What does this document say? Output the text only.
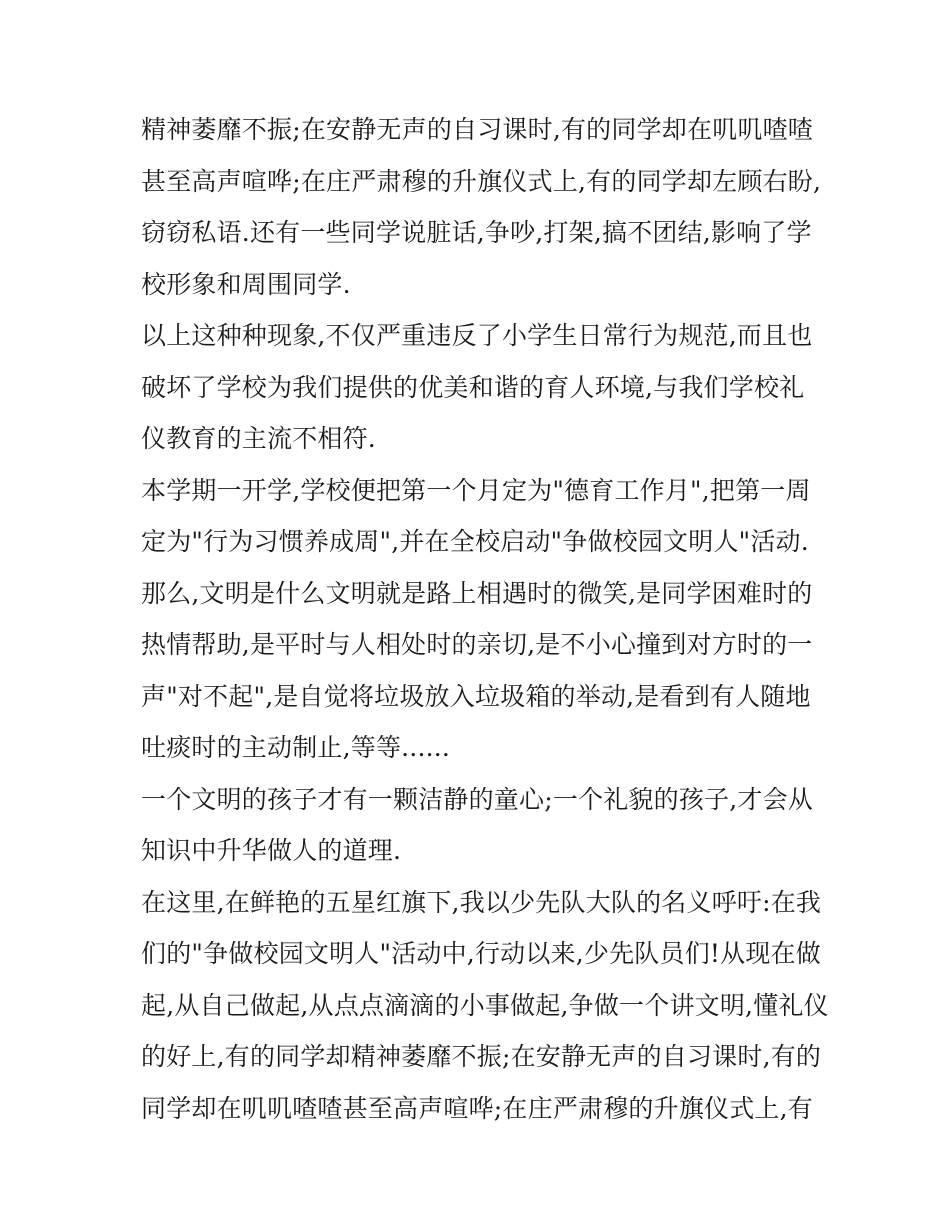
精神萎靡不振;在安静无声的自习课时,有的同学却在叽叽喳喳
甚至高声喧哗;在庄严肃穆的升旗仪式上,有的同学却左顾右盼,
窃窃私语.还有一些同学说脏话,争吵,打架,搞不团结,影响了学
校形象和周围同学.
以上这种种现象,不仅严重违反了小学生日常行为规范,而且也
破坏了学校为我们提供的优美和谐的育人环境,与我们学校礼
仪教育的主流不相符.
本学期一开学,学校便把第一个月定为"德育工作月",把第一周
定为"行为习惯养成周",并在全校启动"争做校园文明人"活动.
那么,文明是什么文明就是路上相遇时的微笑,是同学困难时的
热情帮助,是平时与人相处时的亲切,是不小心撞到对方时的一
声"对不起",是自觉将垃圾放入垃圾箱的举动,是看到有人随地
吐痰时的主动制止,等等......
一个文明的孩子才有一颗洁静的童心;一个礼貌的孩子,才会从
知识中升华做人的道理.
在这里,在鲜艳的五星红旗下,我以少先队大队的名义呼吁:在我
们的"争做校园文明人"活动中,行动以来,少先队员们!从现在做
起,从自己做起,从点点滴滴的小事做起,争做一个讲文明,懂礼仪
的好上,有的同学却精神萎靡不振;在安静无声的自习课时,有的
同学却在叽叽喳喳甚至高声喧哗;在庄严肃穆的升旗仪式上,有
